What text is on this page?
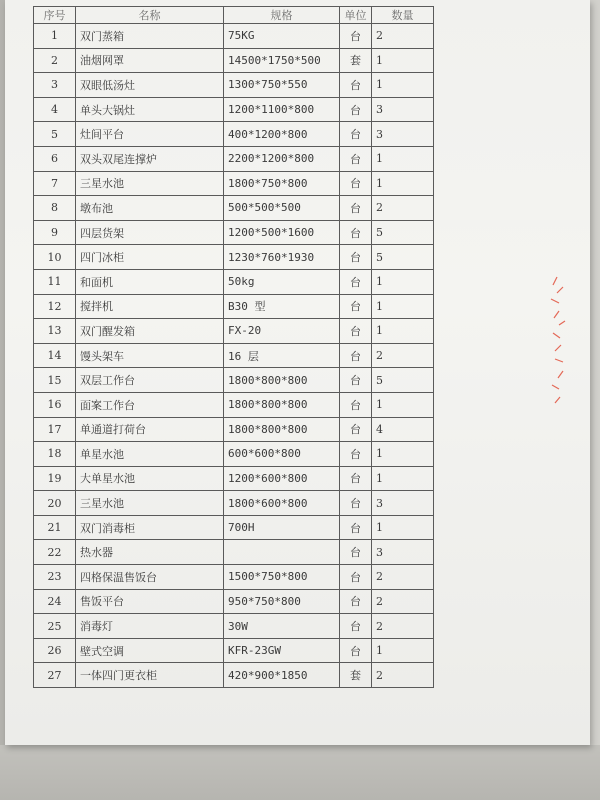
序号	名称	规格	单位	数量
1	双门蒸箱	75KG	台	2
2	油烟网罩	14500*1750*500	套	1
3	双眼低汤灶	1300*750*550	台	1
4	单头大锅灶	1200*1100*800	台	3
5	灶间平台	400*1200*800	台	3
6	双头双尾连撑炉	2200*1200*800	台	1
7	三星水池	1800*750*800	台	1
8	墩布池	500*500*500	台	2
9	四层货架	1200*500*1600	台	5
10	四门冰柜	1230*760*1930	台	5
11	和面机	50kg	台	1
12	搅拌机	B30 型	台	1
13	双门醒发箱	FX-20	台	1
14	馒头架车	16 层	台	2
15	双层工作台	1800*800*800	台	5
16	面案工作台	1800*800*800	台	1
17	单通道打荷台	1800*800*800	台	4
18	单星水池	600*600*800	台	1
19	大单星水池	1200*600*800	台	1
20	三星水池	1800*600*800	台	3
21	双门消毒柜	700H	台	1
22	热水器		台	3
23	四格保温售饭台	1500*750*800	台	2
24	售饭平台	950*750*800	台	2
25	消毒灯	30W	台	2
26	壁式空调	KFR-23GW	台	1
27	一体四门更衣柜	420*900*1850	套	2
